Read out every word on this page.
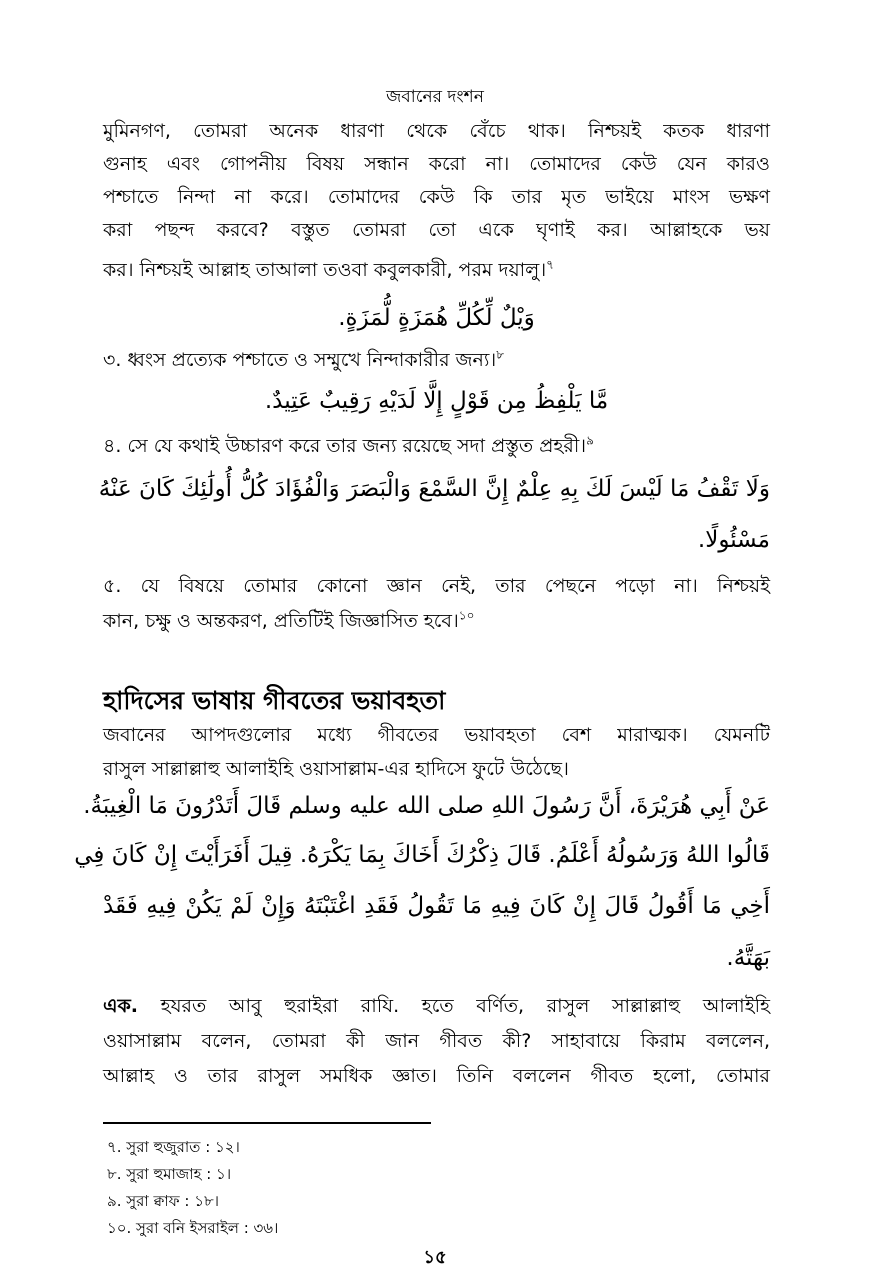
জবানের দংশন
মুমিনগণ, তোমরা অনেক ধারণা থেকে বেঁচে থাক। নিশ্চয়ই কতক ধারণা
গুনাহ এবং গোপনীয় বিষয় সন্ধান করো না। তোমাদের কেউ যেন কারও
পশ্চাতে নিন্দা না করে। তোমাদের কেউ কি তার মৃত ভাইয়ে মাংস ভক্ষণ
করা পছন্দ করবে? বস্তুত তোমরা তো একে ঘৃণাই কর। আল্লাহকে ভয়
কর। নিশ্চয়ই আল্লাহ তাআলা তওবা কবুলকারী, পরম দয়ালু।$^৭$
وَيْلٌ لِّكُلِّ هُمَزَةٍ لُّمَزَةٍ.
৩. ধ্বংস প্রত্যেক পশ্চাতে ও সম্মুখে নিন্দাকারীর জন্য।$^৮$
مَّا يَلْفِظُ مِن قَوْلٍ إِلَّا لَدَيْهِ رَقِيبٌ عَتِيدٌ.
৪. সে যে কথাই উচ্চারণ করে তার জন্য রয়েছে সদা প্রস্তুত প্রহরী।$^৯$
وَلَا تَقْفُ مَا لَيْسَ لَكَ بِهِ عِلْمٌ إِنَّ السَّمْعَ وَالْبَصَرَ وَالْفُؤَادَ كُلُّ أُولَٰئِكَ كَانَ عَنْهُ
مَسْئُولًا.
৫. যে বিষয়ে তোমার কোনো জ্ঞান নেই, তার পেছনে পড়ো না। নিশ্চয়ই
কান, চক্ষু ও অন্তকরণ, প্রতিটিই জিজ্ঞাসিত হবে।$^{১০}$
হাদিসের ভাষায় গীবতের ভয়াবহতা
জবানের আপদগুলোর মধ্যে গীবতের ভয়াবহতা বেশ মারাত্মক। যেমনটি
রাসুল সাল্লাল্লাহু আলাইহি ওয়াসাল্লাম-এর হাদিসে ফুটে উঠেছে।
عَنْ أَبِي هُرَيْرَةَ، أَنَّ رَسُولَ اللهِ صلى الله عليه وسلم قَالَ أَتَدْرُونَ مَا الْغِيبَةُ.
قَالُوا اللهُ وَرَسُولُهُ أَعْلَمُ. قَالَ ذِكْرُكَ أَخَاكَ بِمَا يَكْرَهُ. قِيلَ أَفَرَأَيْتَ إِنْ كَانَ فِي
أَخِي مَا أَقُولُ قَالَ إِنْ كَانَ فِيهِ مَا تَقُولُ فَقَدِ اغْتَبْتَهُ وَإِنْ لَمْ يَكُنْ فِيهِ فَقَدْ
بَهَتَّهُ.
এক. হযরত আবু হুরাইরা রাযি. হতে বর্ণিত, রাসুল সাল্লাল্লাহু আলাইহি
ওয়াসাল্লাম বলেন, তোমরা কী জান গীবত কী? সাহাবায়ে কিরাম বললেন,
আল্লাহ ও তার রাসুল সমধিক জ্ঞাত। তিনি বললেন গীবত হলো, তোমার
৭. সুরা হুজুরাত : ১২।
৮. সুরা হুমাজাহ : ১।
৯. সুরা ক্বাফ : ১৮।
১০. সুরা বনি ইসরাইল : ৩৬।
১৫
